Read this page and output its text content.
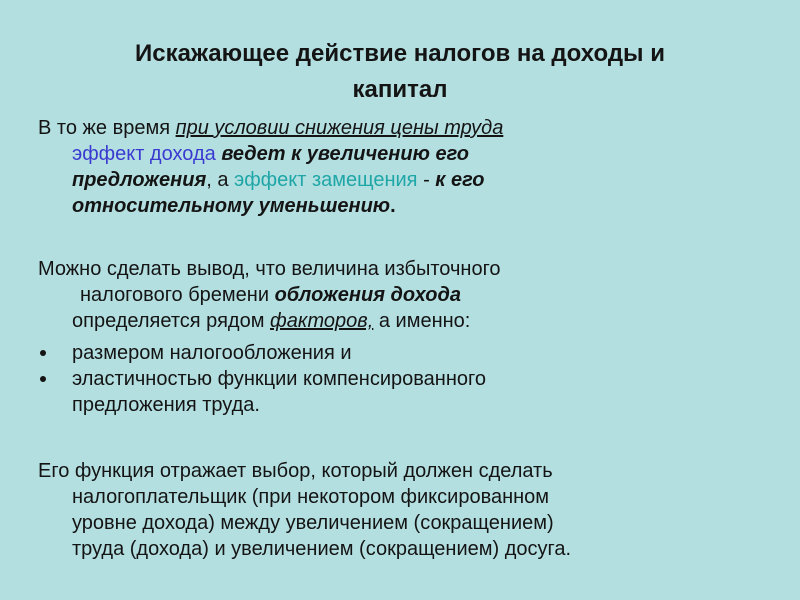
Искажающее действие налогов на доходы и
капитал
В то же время при условии снижения цены труда
эффект дохода ведет к увеличению его
предложения, а эффект замещения - к его
относительному уменьшению.
Можно сделать вывод, что величина избыточного
налогового бремени обложения дохода
определяется рядом факторов, а именно:
размером налогообложения и
эластичностью функции компенсированного
предложения труда.
Его функция отражает выбор, который должен сделать
налогоплательщик (при некотором фиксированном
уровне дохода) между увеличением (сокращением)
труда (дохода) и увеличением (сокращением) досуга.
